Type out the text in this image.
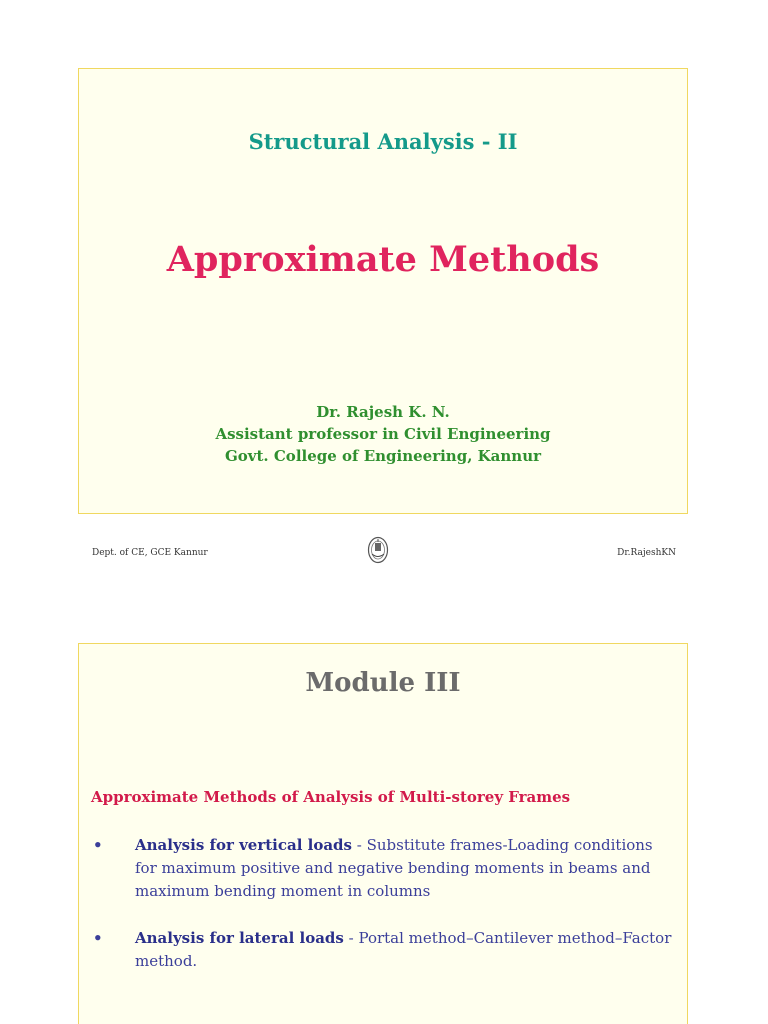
Structural Analysis - II
Approximate Methods
Dr. Rajesh K. N.
Assistant professor in Civil Engineering
Govt. College of Engineering, Kannur
Dept. of CE, GCE Kannur	Dr.RajeshKN
Module III
Approximate Methods of Analysis of Multi-storey Frames
• Analysis for vertical loads - Substitute frames-Loading conditions for maximum positive and negative bending moments in beams and maximum bending moment in columns
• Analysis for lateral loads - Portal method–Cantilever method–Factor method.
